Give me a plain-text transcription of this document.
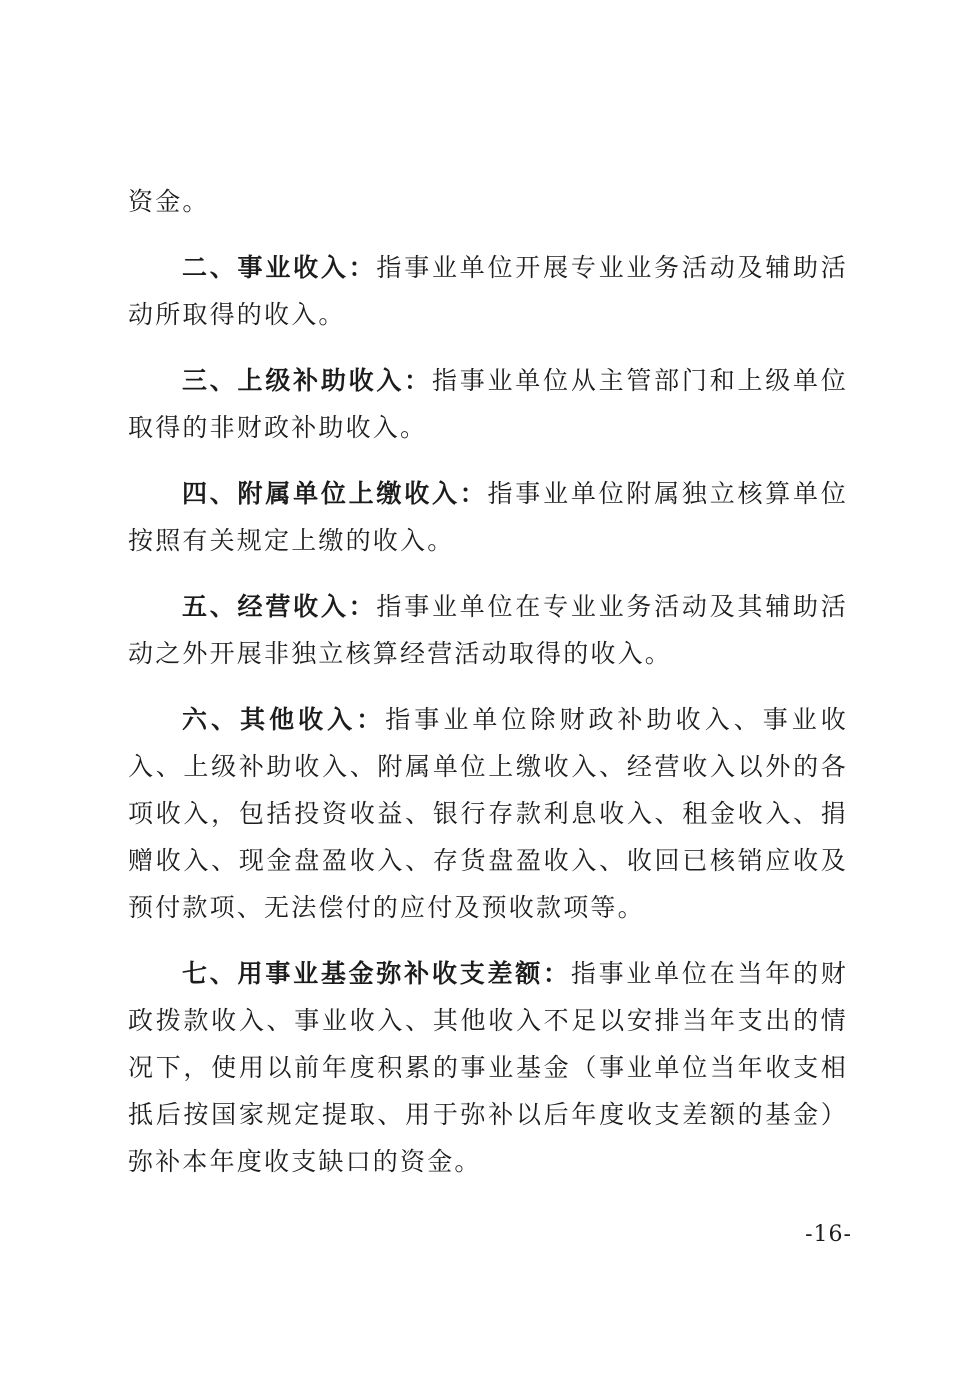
资金。

二、事业收入：指事业单位开展专业业务活动及辅助活动所取得的收入。

三、上级补助收入：指事业单位从主管部门和上级单位取得的非财政补助收入。

四、附属单位上缴收入：指事业单位附属独立核算单位按照有关规定上缴的收入。

五、经营收入：指事业单位在专业业务活动及其辅助活动之外开展非独立核算经营活动取得的收入。

六、其他收入：指事业单位除财政补助收入、事业收入、上级补助收入、附属单位上缴收入、经营收入以外的各项收入，包括投资收益、银行存款利息收入、租金收入、捐赠收入、现金盘盈收入、存货盘盈收入、收回已核销应收及预付款项、无法偿付的应付及预收款项等。

七、用事业基金弥补收支差额：指事业单位在当年的财政拨款收入、事业收入、其他收入不足以安排当年支出的情况下，使用以前年度积累的事业基金（事业单位当年收支相抵后按国家规定提取、用于弥补以后年度收支差额的基金）弥补本年度收支缺口的资金。

-16-
